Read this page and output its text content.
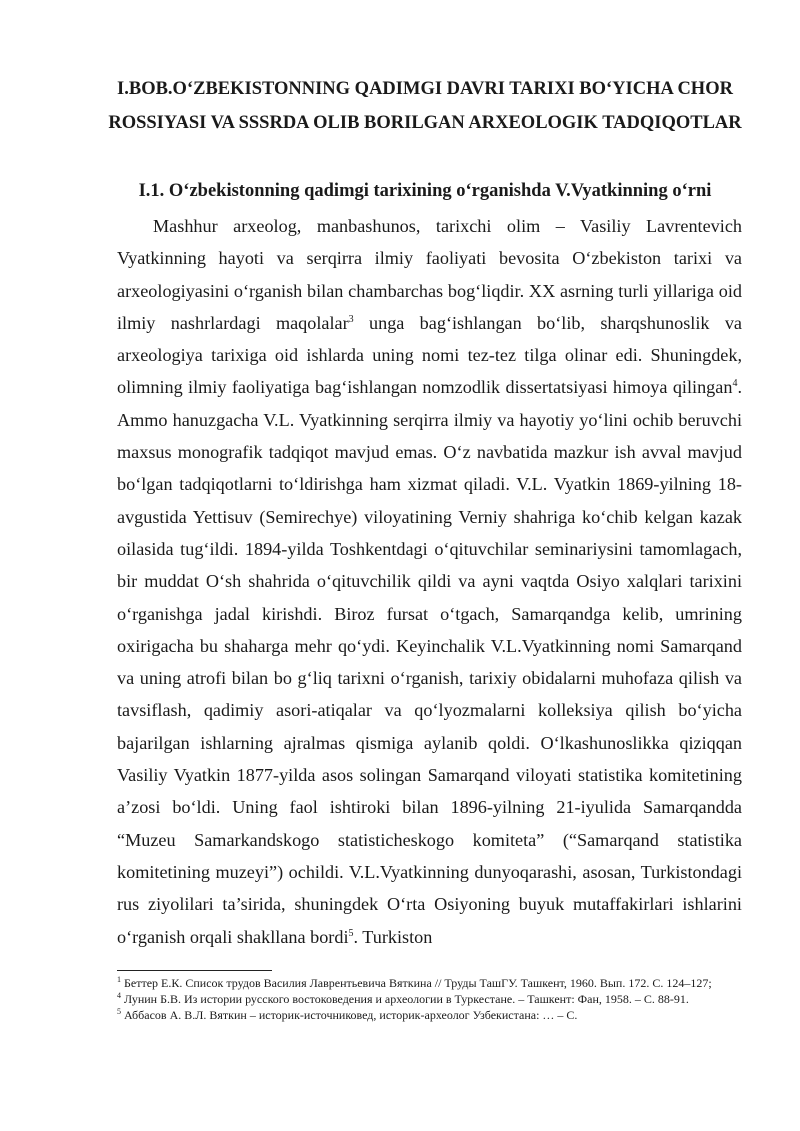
I.BOB.O‘ZBEKISTONNING QADIMGI DAVRI TARIXI BO‘YICHA CHOR ROSSIYASI VA SSSRDA OLIB BORILGAN ARXEOLOGIK TADQIQOTLAR
I.1. O‘zbekistonning qadimgi tarixining o‘rganishda V.Vyatkinning o‘rni

Mashhur arxeolog, manbashunos, tarixchi olim – Vasiliy Lavrentevich Vyatkinning hayoti va serqirra ilmiy faoliyati bevosita O‘zbekiston tarixi va arxeologiyasini o‘rganish bilan chambarchas bog‘liqdir. XX asrning turli yillariga oid ilmiy nashrlardagi maqolalar$^3$ unga bag‘ishlangan bo‘lib, sharqshunoslik va arxeologiya tarixiga oid ishlarda uning nomi tez-tez tilga olinar edi. Shuningdek, olimning ilmiy faoliyatiga bag‘ishlangan nomzodlik dissertatsiyasi himoya qilingan$^4$. Ammo hanuzgacha V.L. Vyatkinning serqirra ilmiy va hayotiy yo‘lini ochib beruvchi maxsus monografik tadqiqot mavjud emas. O‘z navbatida mazkur ish avval mavjud bo‘lgan tadqiqotlarni to‘ldirishga ham xizmat qiladi. V.L. Vyatkin 1869-yilning 18-avgustida Yettisuv (Semirechye) viloyatining Verniy shahriga ko‘chib kelgan kazak oilasida tug‘ildi. 1894-yilda Toshkentdagi o‘qituvchilar seminariysini tamomlagach, bir muddat O‘sh shahrida o‘qituvchilik qildi va ayni vaqtda Osiyo xalqlari tarixini o‘rganishga jadal kirishdi. Biroz fursat o‘tgach, Samarqandga kelib, umrining oxirigacha bu shaharga mehr qo‘ydi. Keyinchalik V.L.Vyatkinning nomi Samarqand va uning atrofi bilan bo g‘liq tarixni o‘rganish, tarixiy obidalarni muhofaza qilish va tavsiflash, qadimiy asori-atiqalar va qo‘lyozmalarni kolleksiya qilish bo‘yicha bajarilgan ishlarning ajralmas qismiga aylanib qoldi. O‘lkashunoslikka qiziqqan Vasiliy Vyatkin 1877-yilda asos solingan Samarqand viloyati statistika komitetining a’zosi bo‘ldi. Uning faol ishtiroki bilan 1896-yilning 21-iyulida Samarqandda “Muzeu Samarkandskogo statisticheskogo komiteta” (“Samarqand statistika komitetining muzeyi”) ochildi. V.L.Vyatkinning dunyoqarashi, asosan, Turkistondagi rus ziyolilari ta’sirida, shuningdek O‘rta Osiyoning buyuk mutaffakirlari ishlarini o‘rganish orqali shakllana bordi$^5$. Turkiston

$^1$ Беттер Е.К. Список трудов Василия Лаврентьевича Вяткина // Труды ТашГУ. Ташкент, 1960. Вып. 172. С. 124–127;

$^4$ Лунин Б.В. Из истории русского востоковедения и археологии в Туркестане. – Ташкент: Фан, 1958. – С. 88-91.

$^5$ Аббасов А. В.Л. Вяткин – историк-источниковед, историк-археолог Узбекистана: … – С.
